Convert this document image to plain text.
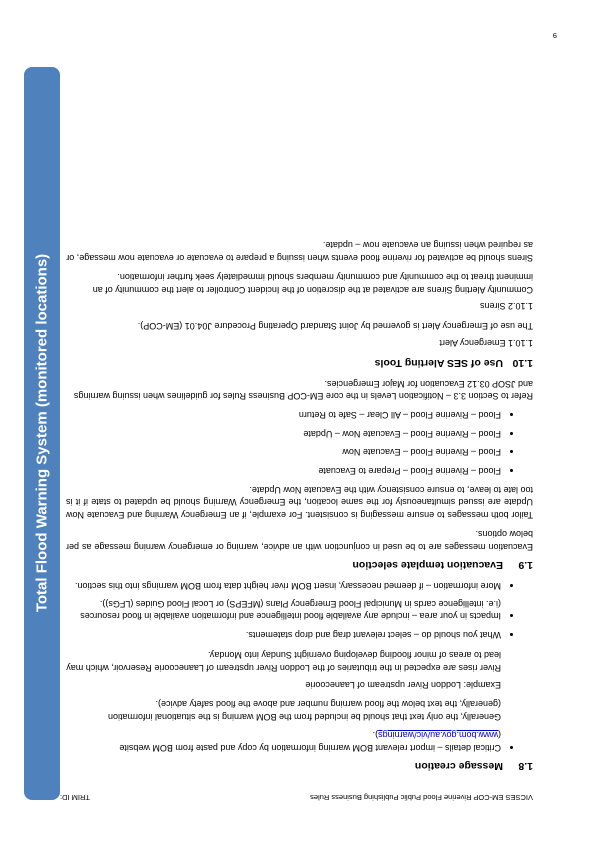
VICSES EM-COP Riverine Flood Public Publishing Business Rules
TRIM ID:
Total Flood Warning System (monitored locations)
1.8Message creation
• Critical details – import relevant BOM warning information by copy and paste from BOM website (www.bom.gov.au/vic/warnings).

Generally, the only text that should be included from the BOM warning is the situational information (generally, the text below the flood warning number and above the flood safety advice).

Example: Loddon River upstream of Laanecoorie

River rises are expected in the tributaries of the Loddon River upstream of Laanecoorie Reservoir, which may lead to areas of minor flooding developing overnight Sunday into Monday.

• What you should do – select relevant drag and drop statements.
• Impacts in your area – include any available flood intelligence and information available in flood resources (i.e. intelligence cards in Municipal Flood Emergency Plans (MFEPS) or Local Flood Guides (LFGs)).
• More information – if deemed necessary, insert BOM river height data from BOM warnings into this section.
1.9Evacuation template selection

Evacuation messages are to be used in conjunction with an advice, warning or emergency warning message as per below options.

Tailor both messages to ensure messaging is consistent. For example, if an Emergency Warning and Evacuate Now Update are issued simultaneously for the same location, the Emergency Warning should be updated to state if it is too late to leave, to ensure consistency with the Evacuate Now Update.

• Flood – Riverine Flood – Prepare to Evacuate
• Flood – Riverine Flood – Evacuate Now
• Flood – Riverine Flood – Evacuate Now – Update
• Flood – Riverine Flood – All Clear – Safe to Return

Refer to Section 3.3 – Notification Levels in the core EM-COP Business Rules for guidelines when issuing warnings and JSOP 03.12 Evacuation for Major Emergencies.

1.10Use of SES Alerting Tools
1.10.1 Emergency Alert

The use of Emergency Alert is governed by Joint Standard Operating Procedure J04.01 (EM-COP).

1.10.2 Sirens

Community Alerting Sirens are activated at the discretion of the Incident Controller to alert the community of an imminent threat to the community and community members should immediately seek further information.

Sirens should be activated for riverine flood events when issuing a prepare to evacuate or evacuate now message, or as required when issuing an evacuate now – update.

9
